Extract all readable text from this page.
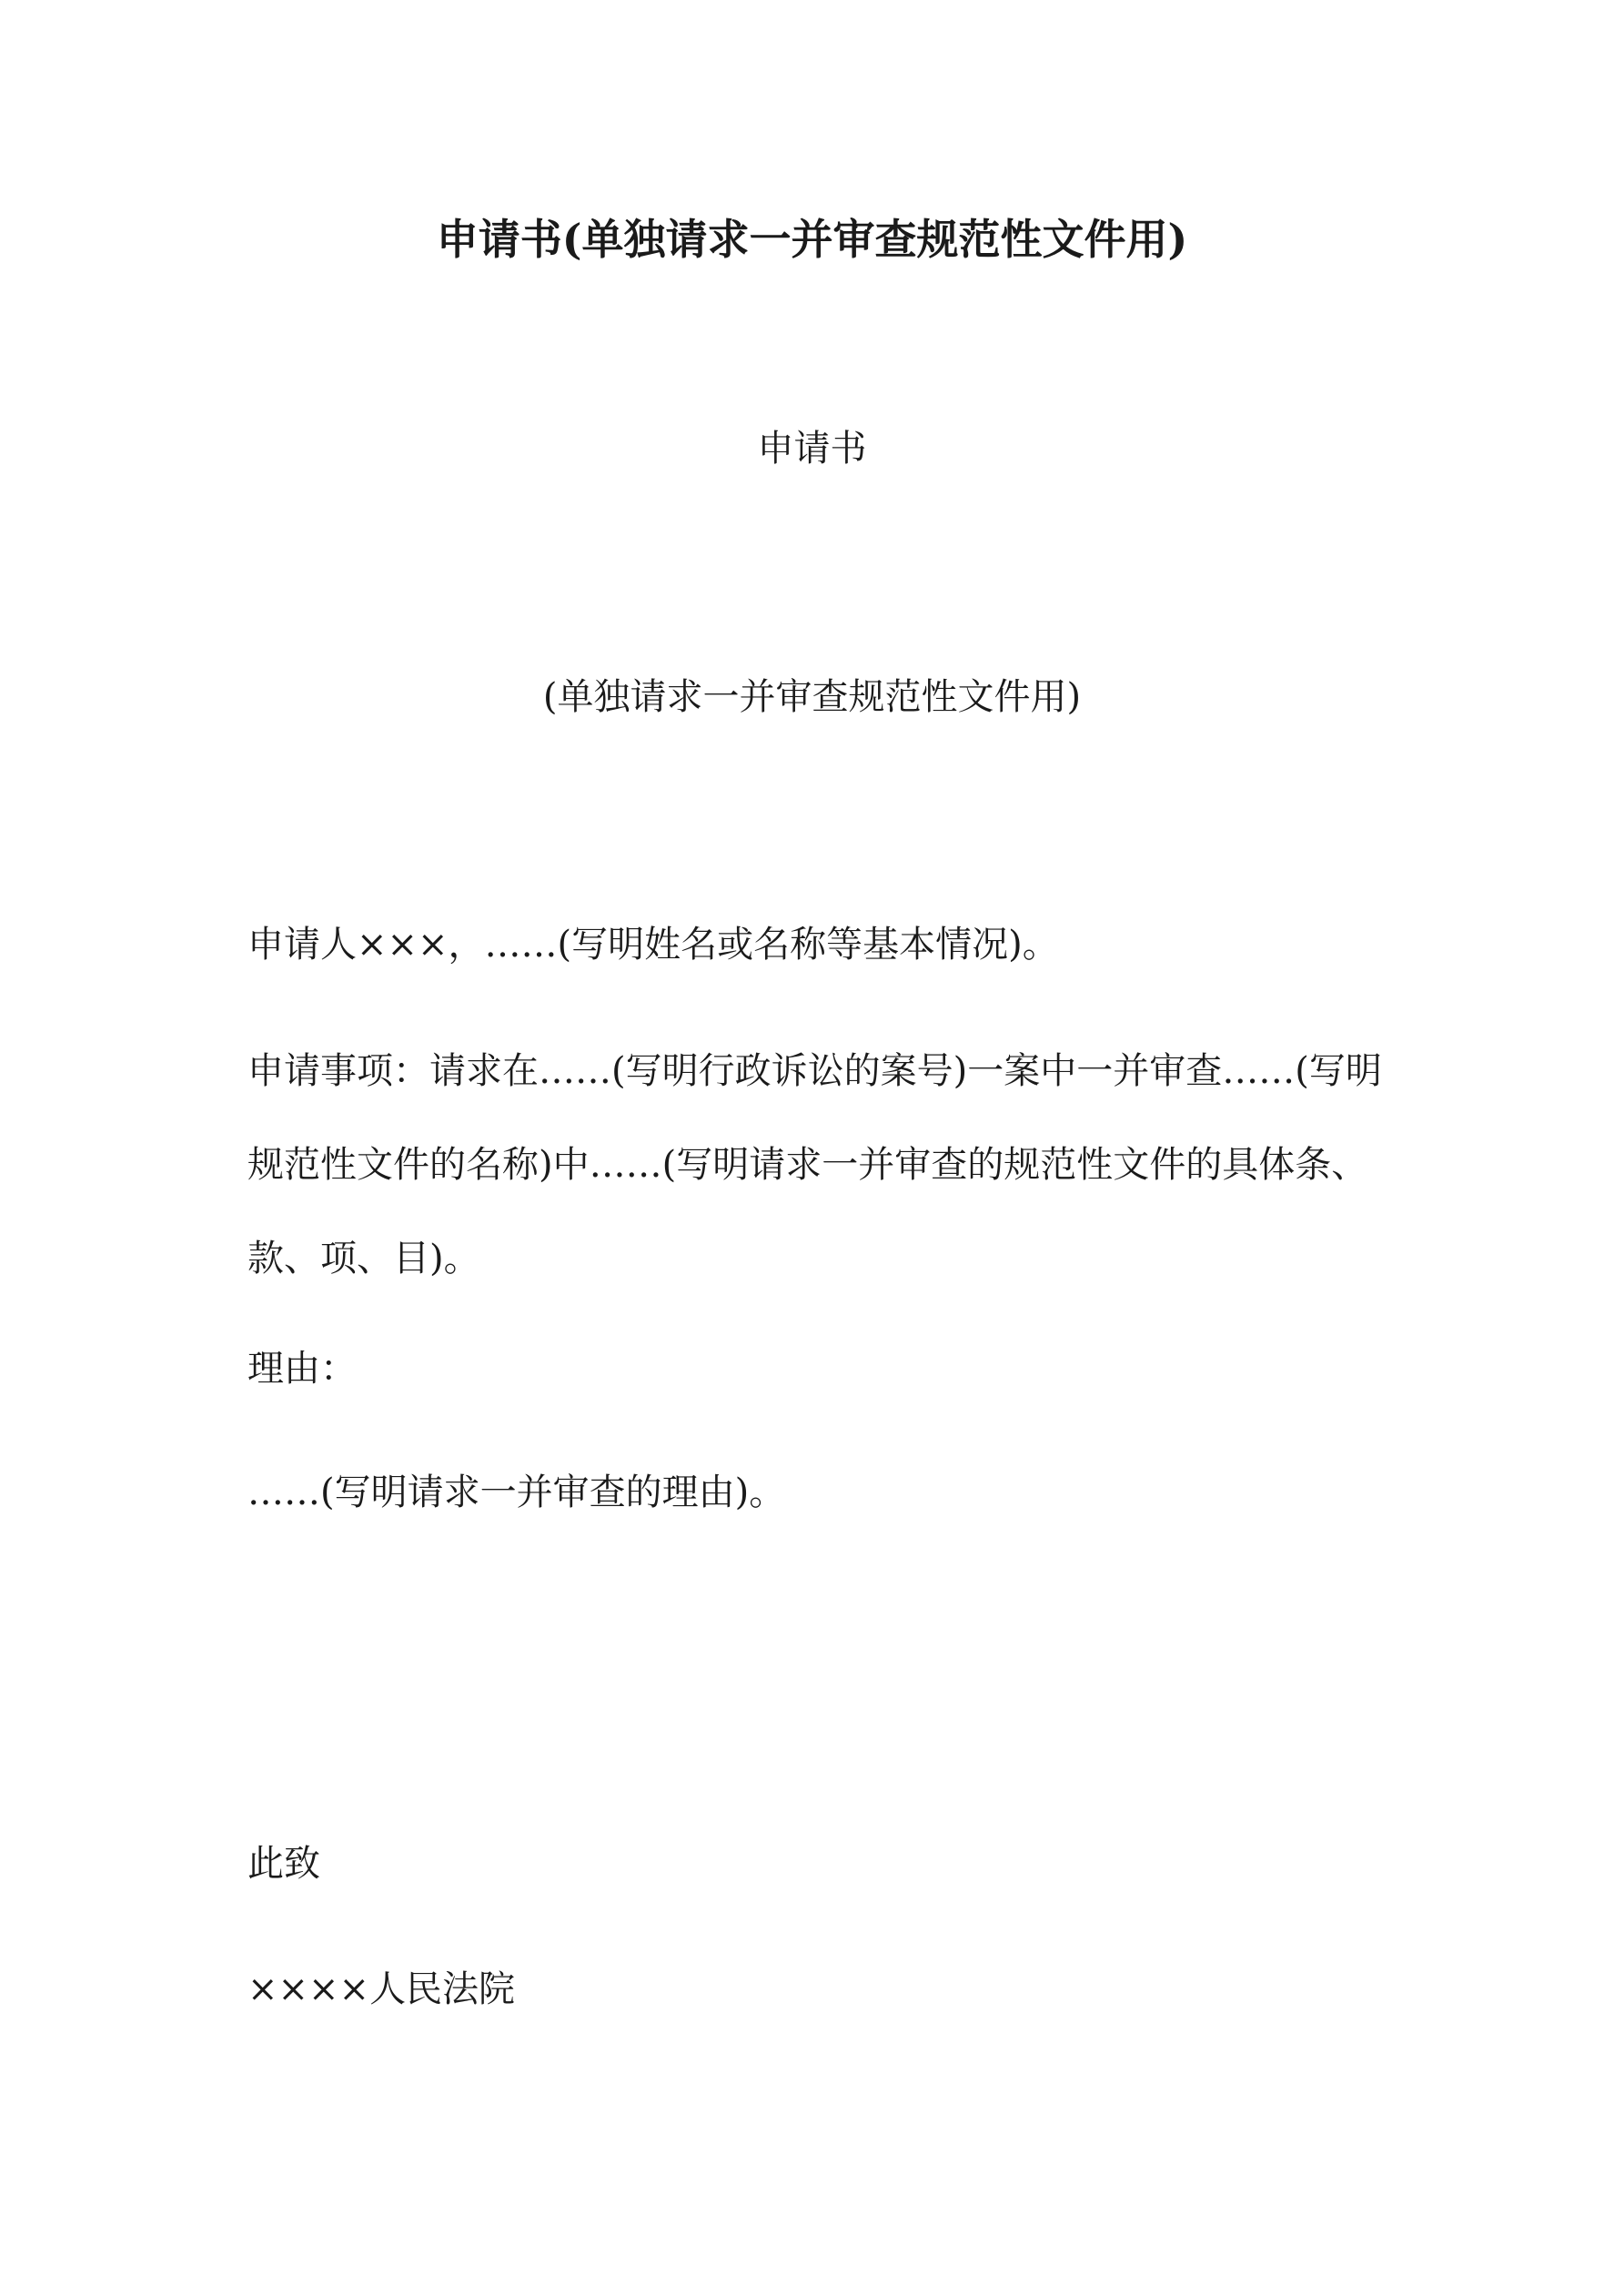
申请书(单独请求一并审查规范性文件用)
申请书
(单独请求一并审查规范性文件用)

申请人×××，……(写明姓名或名称等基本情况)。

申请事项：请求在……(写明行政诉讼的案号)一案中一并审查……(写明规范性文件的名称)中……(写明请求一并审查的规范性文件的具体条、款、项、目)。

理由：

……(写明请求一并审查的理由)。

此致

××××人民法院
